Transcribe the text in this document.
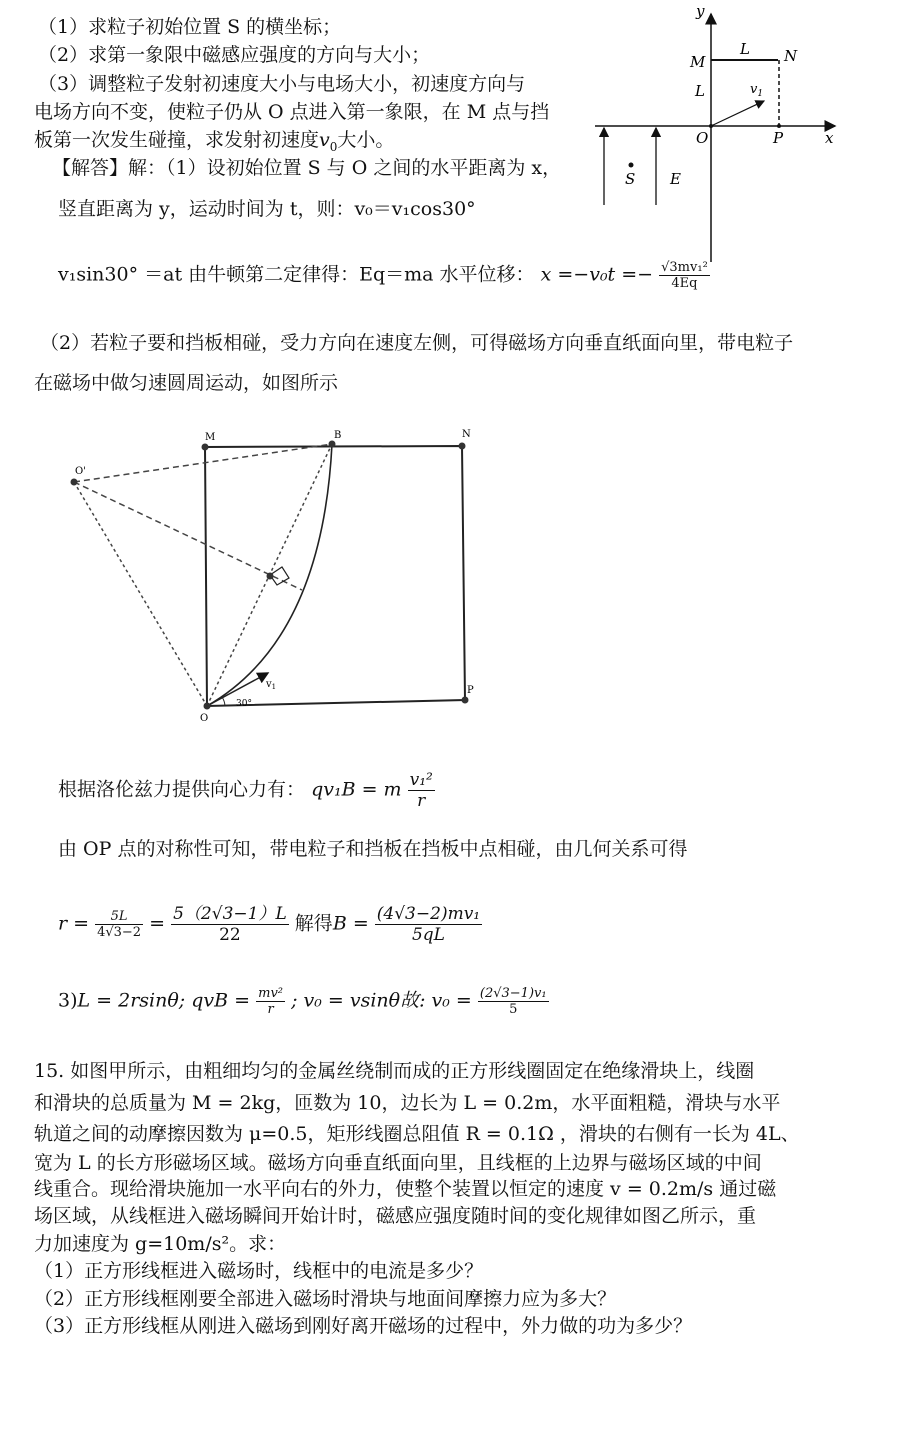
（1）求粒子初始位置 S 的横坐标；
（2）求第一象限中磁感应强度的方向与大小；
（3）调整粒子发射初速度大小与电场大小，初速度方向与
电场方向不变，使粒子仍从 O 点进入第一象限，在 M 点与挡
板第一次发生碰撞，求发射初速度$v_0$大小。
【解答】解：（1）设初始位置 S 与 O 之间的水平距离为 x，
竖直距离为 y，运动时间为 t，则：v₀＝v₁cos30°
v₁sin30° ＝at 由牛顿第二定律得：Eq＝ma 水平位移： $x =-v_0t =- \frac{\text{√3mv₁²}}{4Eq}$
y
x
M
L N
L	$v_1$
O	P
S E
（2）若粒子要和挡板相碰，受力方向在速度左侧，可得磁场方向垂直纸面向里，带电粒子
在磁场中做匀速圆周运动，如图所示
M	B	N
O'
O
P
$v_1$
30°
根据洛伦兹力提供向心力有： qv₁B = m $\frac{\text{v₁²}}{r}$
由 OP 点的对称性可知，带电粒子和挡板在挡板中点相碰，由几何关系可得
$r = \frac{5L}{4√3-2} = \frac{5(2√3-1)L}{22}$ 解得$B = \frac{\text{(4√3−2)mv₁}}{5qL}$
3)L = 2rsinθ; qvB = $\frac{\text{mv²}}{r}$ ; v₀ = vsinθ故: $v_0 = \frac{\text{(2√3−1)v₁}}{5}$
15. 如图甲所示，由粗细均匀的金属丝绕制而成的正方形线圈固定在绝缘滑块上，线圈
和滑块的总质量为 M = 2kg，匝数为 10，边长为 L = 0.2m，水平面粗糙，滑块与水平
轨道之间的动摩擦因数为 μ=0.5，矩形线圈总阻值 R = 0.1Ω ，滑块的右侧有一长为 4L、
宽为 L 的长方形磁场区域。磁场方向垂直纸面向里，且线框的上边界与磁场区域的中间
线重合。现给滑块施加一水平向右的外力，使整个装置以恒定的速度 v = 0.2m/s 通过磁
场区域，从线框进入磁场瞬间开始计时，磁感应强度随时间的变化规律如图乙所示，重
力加速度为 g=10m/s²。求：
（1）正方形线框进入磁场时，线框中的电流是多少？
（2）正方形线框刚要全部进入磁场时滑块与地面间摩擦力应为多大？
（3）正方形线框从刚进入磁场到刚好离开磁场的过程中，外力做的功为多少？
